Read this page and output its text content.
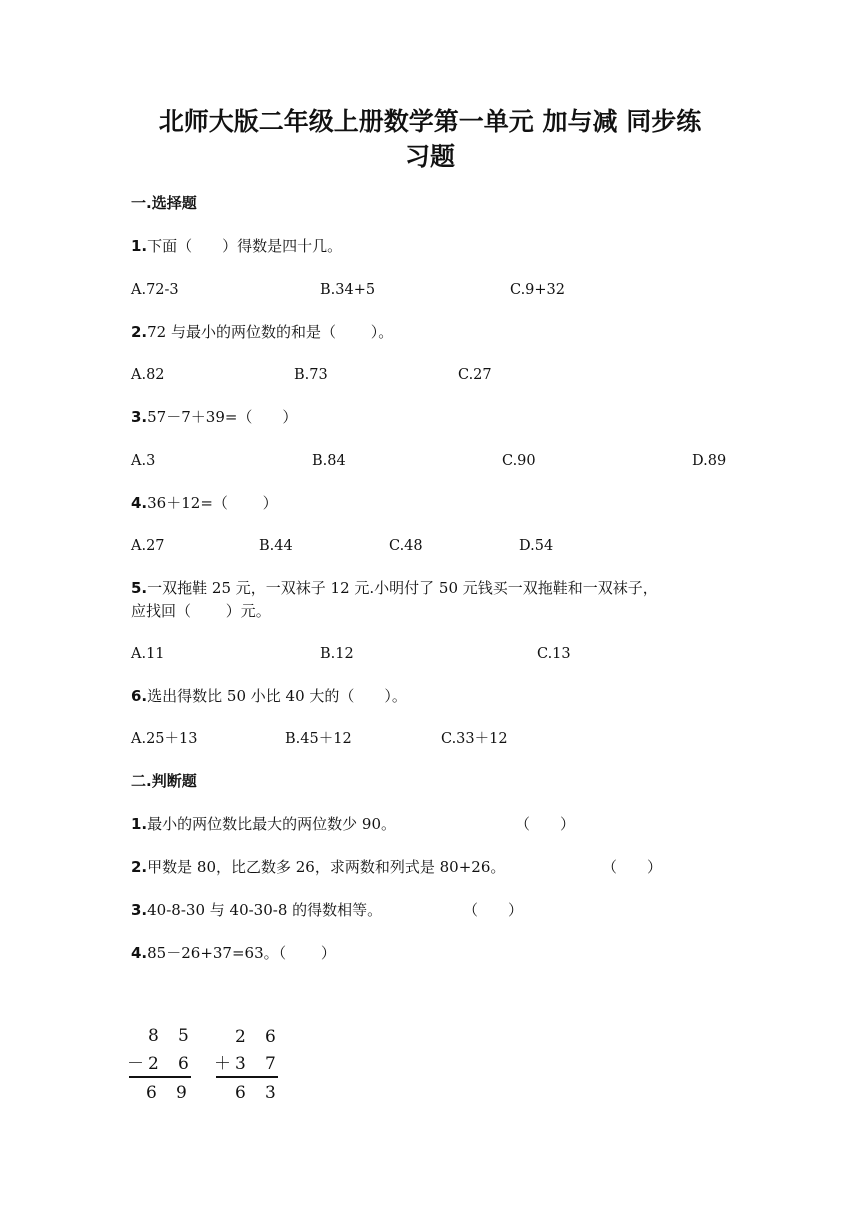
北师大版二年级上册数学第一单元 加与减 同步练
习题
一.选择题
1.下面（　　）得数是四十几。
A.72-3	B.34+5	C.9+32
2.72 与最小的两位数的和是（　　 ）。
A.82	B.73	C.27
3.57－7＋39=（　　）
A.3	B.84	C.90	D.89
4.36＋12=（　　 ）
A.27	B.44	C.48	D.54
5.一双拖鞋 25 元，一双袜子 12 元.小明付了 50 元钱买一双拖鞋和一双袜子，
应找回（　　 ）元。
A.11	B.12	C.13
6.选出得数比 50 小比 40 大的（　　）。
A.25＋13	B.45＋12	C.33＋12
二.判断题
1.最小的两位数比最大的两位数少 90。	（　　）
2.甲数是 80，比乙数多 26，求两数和列式是 80+26。	（　　）
3.40-8-30 与 40-30-8 的得数相等。	（　　）
4.85－26+37=63。（　　 ）
8 5
－ 2 6
6 9
2 6
＋ 3 7
6 3
